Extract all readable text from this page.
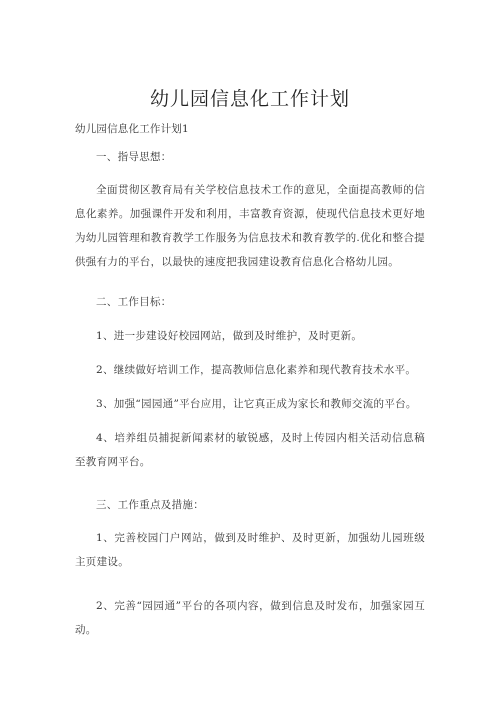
幼儿园信息化工作计划
幼儿园信息化工作计划1
一、指导思想：
全面贯彻区教育局有关学校信息技术工作的意见，全面提高教师的信息化素养。加强课件开发和利用，丰富教育资源，使现代信息技术更好地为幼儿园管理和教育教学工作服务为信息技术和教育教学的.优化和整合提供强有力的平台，以最快的速度把我园建设教育信息化合格幼儿园。
二、工作目标：
1、进一步建设好校园网站，做到及时维护，及时更新。
2、继续做好培训工作，提高教师信息化素养和现代教育技术水平。
3、加强“园园通”平台应用，让它真正成为家长和教师交流的平台。
4、培养组员捕捉新闻素材的敏锐感，及时上传园内相关活动信息稿至教育网平台。
三、工作重点及措施：
1、完善校园门户网站，做到及时维护、及时更新，加强幼儿园班级主页建设。
2、完善“园园通”平台的各项内容，做到信息及时发布，加强家园互动。
